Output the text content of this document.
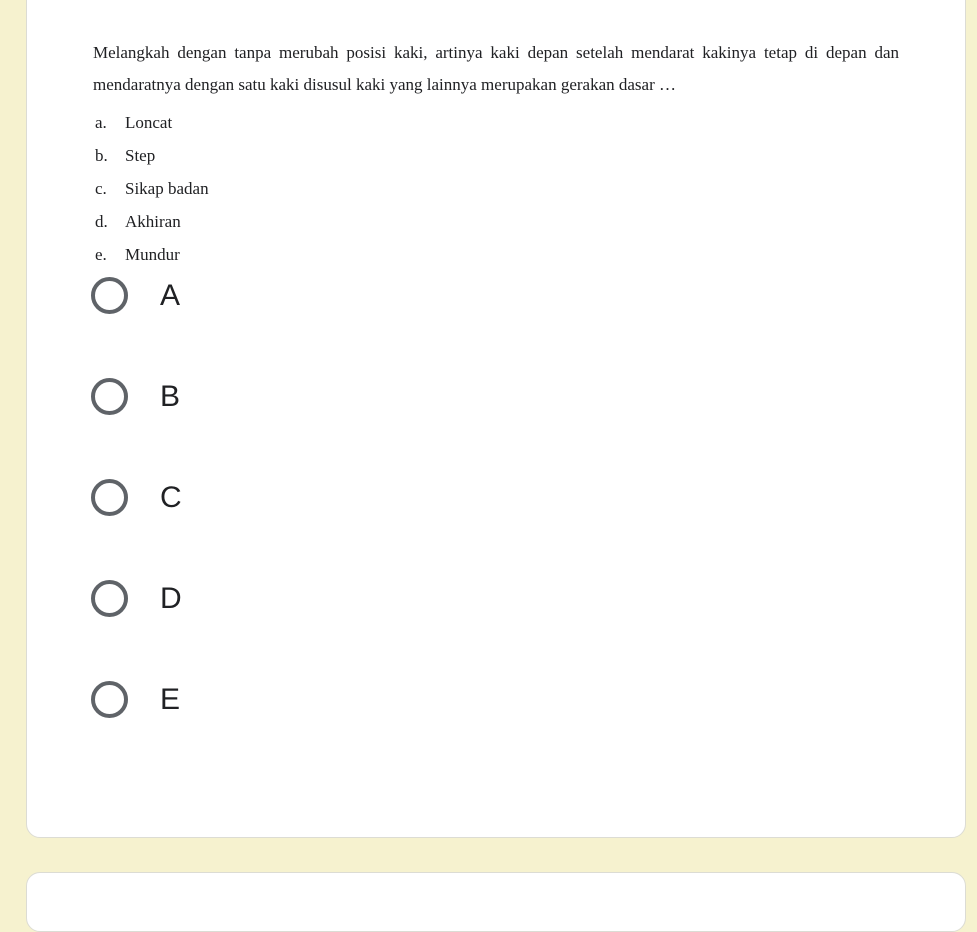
Melangkah dengan tanpa merubah posisi kaki, artinya kaki depan setelah mendarat kakinya tetap di depan dan mendaratnya dengan satu kaki disusul kaki yang lainnya merupakan gerakan dasar …
a.	Loncat
b.	Step
c.	Sikap badan
d.	Akhiran
e.	Mundur
A
B
C
D
E
